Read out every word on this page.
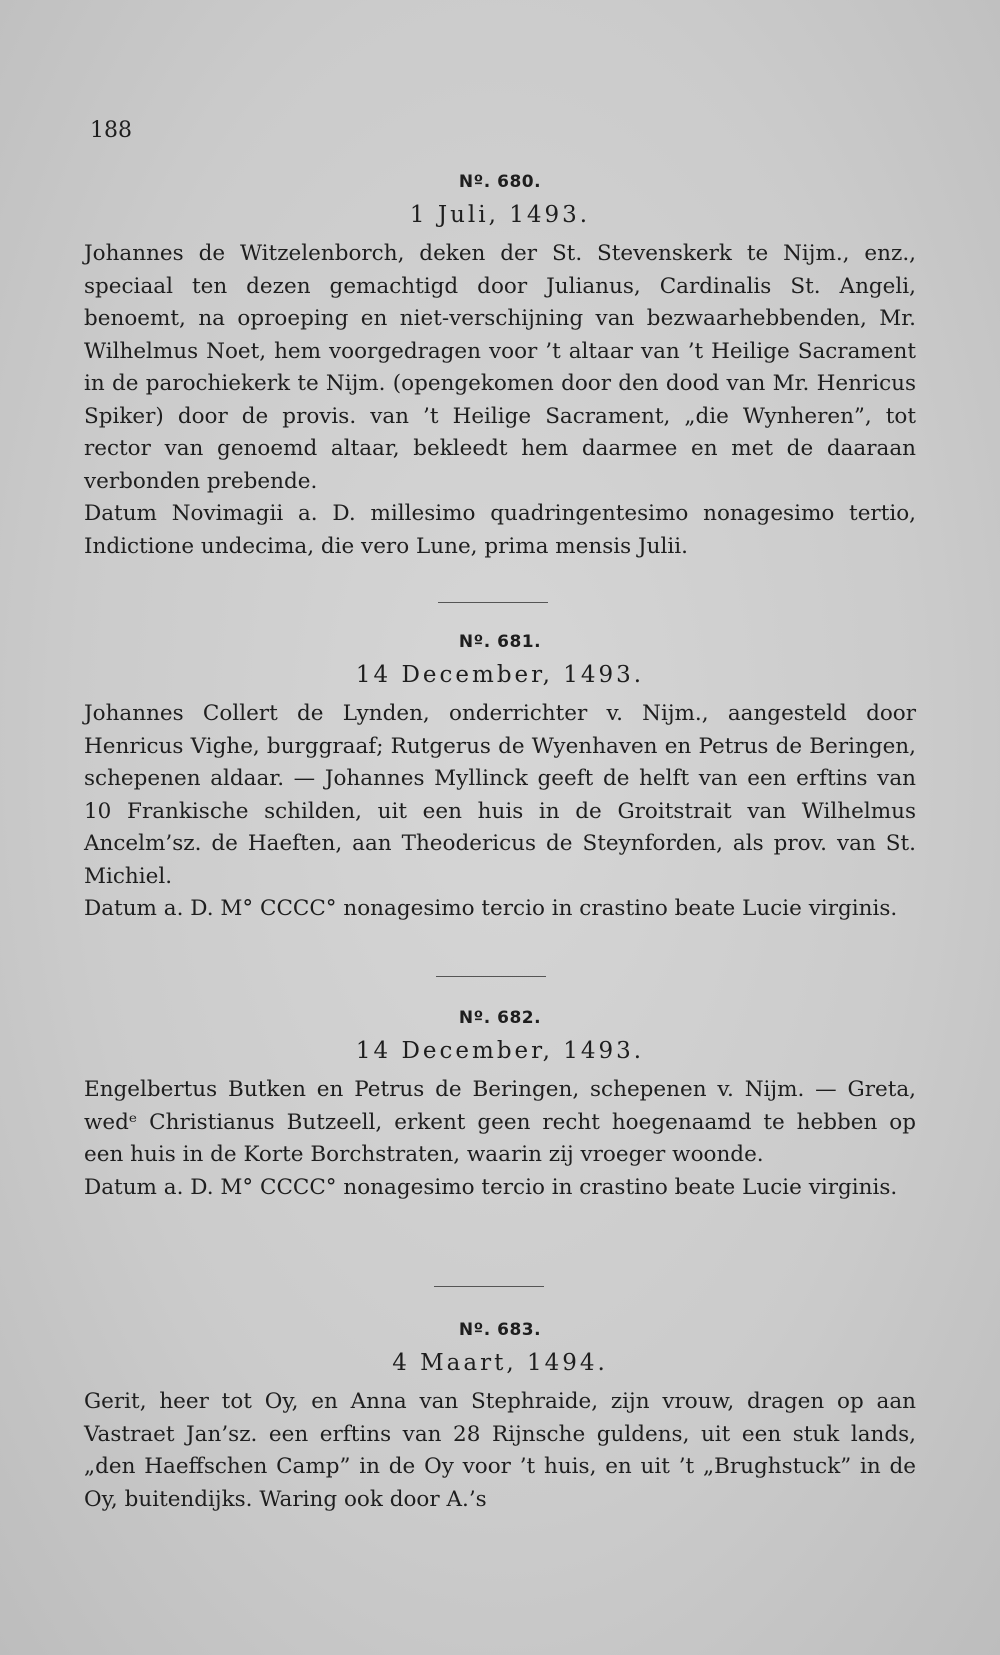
188
Nº. 680.
1 Juli, 1493.

Johannes de Witzelenborch, deken der St. Stevenskerk te Nijm., enz., speciaal ten dezen gemachtigd door Julianus, Cardinalis St. Angeli, benoemt, na oproeping en niet-verschijning van bezwaarhebbenden, Mr. Wilhelmus Noet, hem voorgedragen voor ’t altaar van ’t Heilige Sacrament in de parochiekerk te Nijm. (opengekomen door den dood van Mr. Henricus Spiker) door de provis. van ’t Heilige Sacrament, „die Wynheren”, tot rector van genoemd altaar, bekleedt hem daarmee en met de daaraan verbonden prebende.

Datum Novimagii a. D. millesimo quadringentesimo nonagesimo tertio, Indictione undecima, die vero Lune, prima mensis Julii.

Nº. 681.
14 December, 1493.

Johannes Collert de Lynden, onderrichter v. Nijm., aangesteld door Henricus Vighe, burggraaf; Rutgerus de Wyenhaven en Petrus de Beringen, schepenen aldaar. — Johannes Myllinck geeft de helft van een erftins van 10 Frankische schilden, uit een huis in de Groitstrait van Wilhelmus Ancelm’sz. de Haeften, aan Theodericus de Steynforden, als prov. van St. Michiel.

Datum a. D. M° CCCC° nonagesimo tercio in crastino beate Lucie virginis.

Nº. 682.
14 December, 1493.

Engelbertus Butken en Petrus de Beringen, schepenen v. Nijm. — Greta, wedᵉ Christianus Butzeell, erkent geen recht hoegenaamd te hebben op een huis in de Korte Borchstraten, waarin zij vroeger woonde.

Datum a. D. M° CCCC° nonagesimo tercio in crastino beate Lucie virginis.

Nº. 683.
4 Maart, 1494.

Gerit, heer tot Oy, en Anna van Stephraide, zijn vrouw, dragen op aan Vastraet Jan’sz. een erftins van 28 Rijnsche guldens, uit een stuk lands, „den Haeffschen Camp” in de Oy voor ’t huis, en uit ’t „Brughstuck” in de Oy, buitendijks. Waring ook door A.’s
